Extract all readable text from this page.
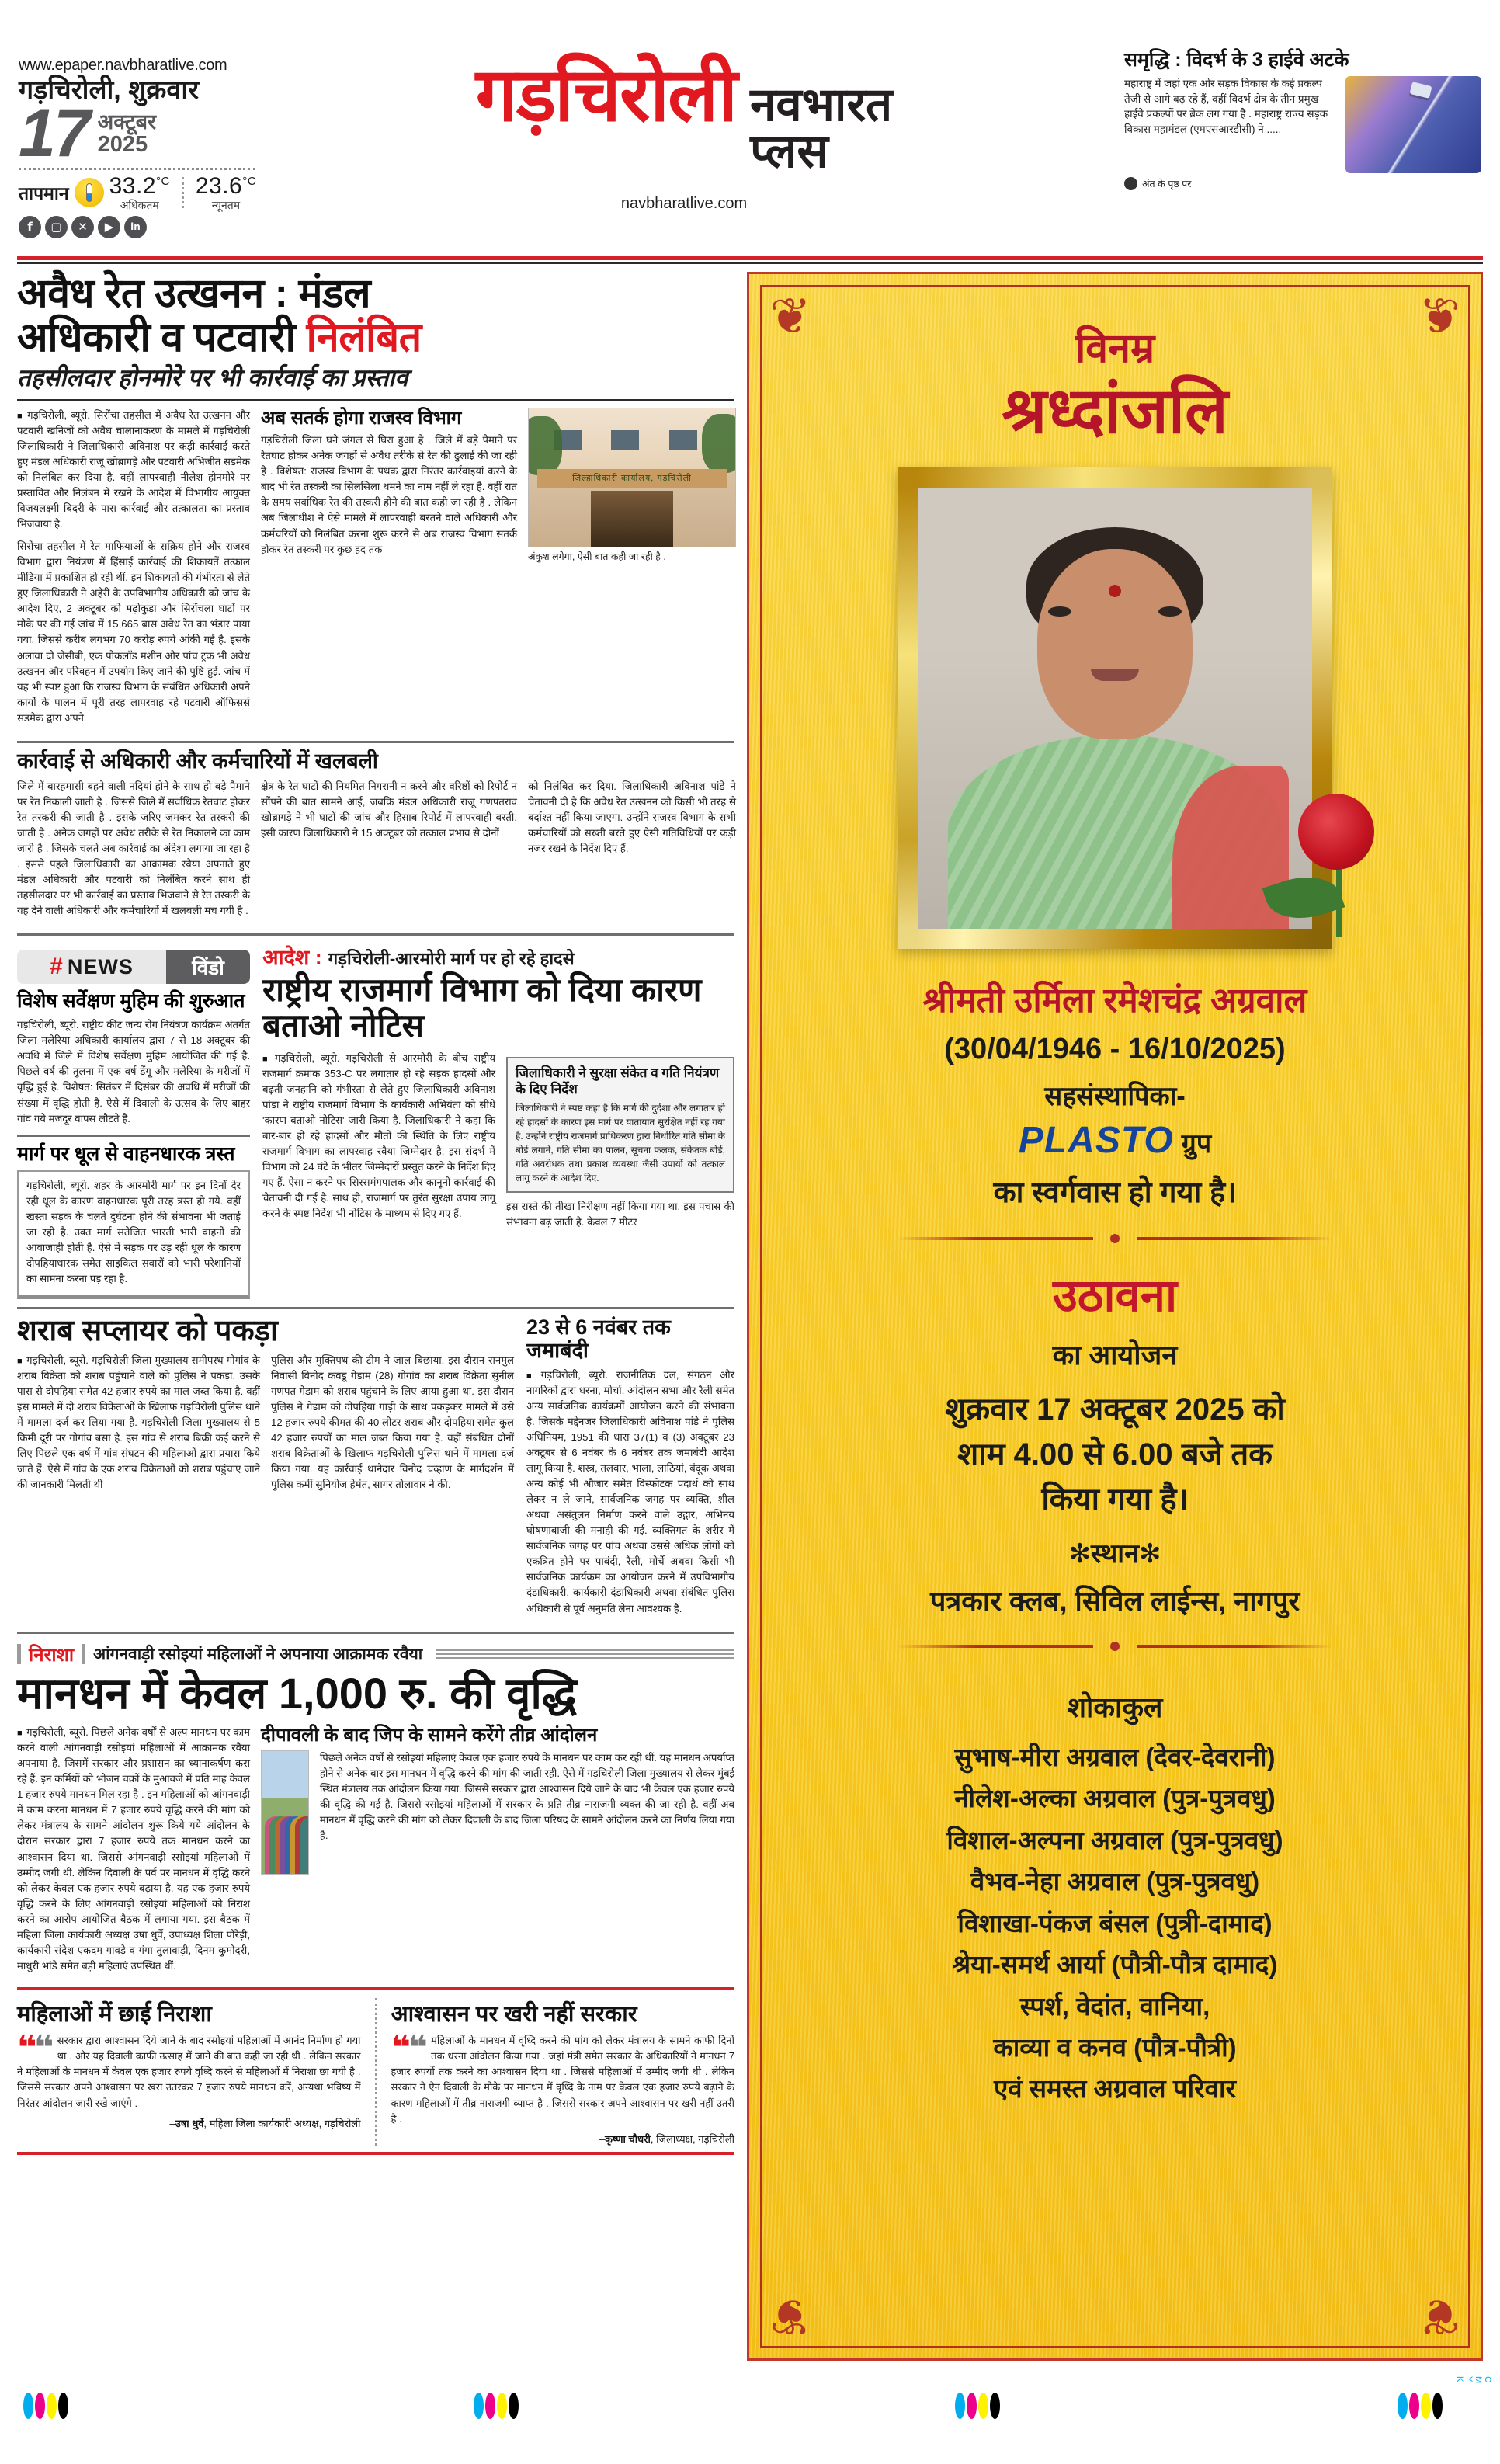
www.epaper.navbharatlive.com
गड़चिरोली, शुक्रवार
17 अक्टूबर
2025
तापमान $33.2^{^\circ C}$
अधिकतम
$23.6^{^\circ C}$
न्यूनतम
f	▢	✕	▶	in
गड़चिरोली नवभारत
प्लस
navbharatlive.com
समृद्धि : विदर्भ के 3 हाईवे अटके
महाराष्ट्र में जहां एक ओर सड़क विकास के कई प्रकल्प तेजी से आगे बढ़ रहे हैं, वहीं विदर्भ क्षेत्र के तीन प्रमुख हाईवे प्रकल्पों पर ब्रेक लग गया है . महाराष्ट्र राज्य सड़क विकास महामंडल (एमएसआरडीसी) ने .....
अंत के पृष्ठ पर
अवैध रेत उत्खनन : मंडल
अधिकारी व पटवारी निलंबित
तहसीलदार होनमोरे पर भी कार्रवाई का प्रस्ताव

■ गड़चिरोली, ब्यूरो. सिरोंचा तहसील में अवैध रेत उत्खनन और पटवारी खनिजों को अवैध चालानाकरण के मामले में गड़चिरोली जिलाधिकारी ने जिलाधिकारी अविनाश पर कड़ी कार्रवाई करते हुए मंडल अधिकारी राजू खोब्रागड़े और पटवारी अभिजीत सडमेक को निलंबित कर दिया है. वहीं लापरवाही नीलेश होनमोरे पर प्रस्तावित और निलंबन में रखने के आदेश में विभागीय आयुक्त विजयलक्ष्मी बिदरी के पास कार्रवाई और तत्कालता का प्रस्ताव भिजवाया है.

सिरोंचा तहसील में रेत माफियाओं के सक्रिय होने और राजस्व विभाग द्वारा नियंत्रण में हिंसाई कार्रवाई की शिकायतें तत्काल मीडिया में प्रकाशित हो रही थीं. इन शिकायतों की गंभीरता से लेते हुए जिलाधिकारी ने अहेरी के उपविभागीय अधिकारी को जांच के आदेश दिए, 2 अक्टूबर को मढ़ोकुड़ा और सिरोंचला घाटों पर मौके पर की गई जांच में 15,665 ब्रास अवैध रेत का भंडार पाया गया. जिससे करीब लगभग 70 करोड़ रुपये आंकी गई है. इसके अलावा दो जेसीबी, एक पोकलॉंड मशीन और पांच ट्रक भी अवैध उत्खनन और परिवहन में उपयोग किए जाने की पुष्टि हुई. जांच में यह भी स्पष्ट हुआ कि राजस्व विभाग के संबंधित अधिकारी अपने कार्यों के पालन में पूरी तरह लापरवाह रहे पटवारी ऑफिसर्स सडमेक द्वारा अपने

अब सतर्क होगा राजस्व विभाग

गड़चिरोली जिला घने जंगल से घिरा हुआ है . जिले में बड़े पैमाने पर रेतघाट होकर अनेक जगहों से अवैध तरीके से रेत की ढुलाई की जा रही है . विशेषत: राजस्व विभाग के पथक द्वारा निरंतर कार्रवाइयां करने के बाद भी रेत तस्करी का सिलसिला थमने का नाम नहीं ले रहा है. वहीं रात के समय सर्वाधिक रेत की तस्करी होने की बात कही जा रही है . लेकिन अब जिलाधीश ने ऐसे मामले में लापरवाही बरतने वाले अधिकारी और कर्मचरियों को निलंबित करना शुरू करने से अब राजस्व विभाग सतर्क होकर रेत तस्करी पर कुछ हद तक

जिल्हाधिकारी कार्यालय, गडचिरोली
अंकुश लगेगा, ऐसी बात कही जा रही है .
कार्रवाई से अधिकारी और कर्मचारियों में खलबली

जिले में बारहमासी बहने वाली नदियां होने के साथ ही बड़े पैमाने पर रेत निकाली जाती है . जिससे जिले में सर्वाधिक रेतघाट होकर रेत तस्करी की जाती है . इसके जरिए जमकर रेत तस्करी की जाती है . अनेक जगहों पर अवैध तरीके से रेत निकालने का काम जारी है . जिसके चलते अब कार्रवाई का अंदेशा लगाया जा रहा है . इससे पहले जिलाधिकारी का आक्रामक रवैया अपनाते हुए मंडल अधिकारी और पटवारी को निलंबित करने साथ ही तहसीलदार पर भी कार्रवाई का प्रस्ताव भिजवाने से रेत तस्करी के यह देने वाली अधिकारी और कर्मचारियों में खलबली मच गयी है .

क्षेत्र के रेत घाटों की नियमित निगरानी न करने और वरिष्ठों को रिपोर्ट न सौंपने की बात सामने आई, जबकि मंडल अधिकारी राजू गणपतराव खोब्रागड़े ने भी घाटों की जांच और हिसाब रिपोर्ट में लापरवाही बरती. इसी कारण जिलाधिकारी ने 15 अक्टूबर को तत्काल प्रभाव से दोनों

को निलंबित कर दिया. जिलाधिकारी अविनाश पांडे ने चेतावनी दी है कि अवैध रेत उत्खनन को किसी भी तरह से बर्दाश्त नहीं किया जाएगा. उन्होंने राजस्व विभाग के सभी कर्मचारियों को सख्ती बरते हुए ऐसी गतिविधियों पर कड़ी नजर रखने के निर्देश दिए हैं.

# NEWS	विंडो
विशेष सर्वेक्षण मुहिम की शुरुआत
गड़चिरोली, ब्यूरो. राष्ट्रीय कीट जन्य रोग नियंत्रण कार्यक्रम अंतर्गत जिला मलेरिया अधिकारी कार्यालय द्वारा 7 से 18 अक्टूबर की अवधि में जिले में विशेष सर्वेक्षण मुहिम आयोजित की गई है. पिछले वर्ष की तुलना में एक वर्ष डेंगू और मलेरिया के मरीजों में वृद्धि हुई है. विशेषत: सितंबर में दिसंबर की अवधि में मरीजों की संख्या में वृद्धि होती है. ऐसे में दिवाली के उत्सव के लिए बाहर गांव गये मजदूर वापस लौटते हैं.
मार्ग पर धूल से वाहनधारक त्रस्त
गड़चिरोली, ब्यूरो. शहर के आरमोरी मार्ग पर इन दिनों देर रही धूल के कारण वाहनधारक पूरी तरह त्रस्त हो गये. वहीं खस्ता सड़क के चलते दुर्घटना होने की संभावना भी जताई जा रही है. उक्त मार्ग सतेजित भारती भारी वाहनों की आवाजाही होती है. ऐसे में सड़क पर उड़ रही धूल के कारण दोपहियाधारक समेत साइकिल सवारों को भारी परेशानियों का सामना करना पड़ रहा है.
आदेश : गड़चिरोली-आरमोरी मार्ग पर हो रहे हादसे
राष्ट्रीय राजमार्ग विभाग को दिया कारण बताओ नोटिस

■ गड़चिरोली, ब्यूरो. गड़चिरोली से आरमोरी के बीच राष्ट्रीय राजमार्ग क्रमांक 353-C पर लगातार हो रहे सड़क हादसों और बढ़ती जनहानि को गंभीरता से लेते हुए जिलाधिकारी अविनाश पांडा ने राष्ट्रीय राजमार्ग विभाग के कार्यकारी अभियंता को सीधे 'कारण बताओ नोटिस' जारी किया है. जिलाधिकारी ने कहा कि बार-बार हो रहे हादसों और मौतों की स्थिति के लिए राष्ट्रीय राजमार्ग विभाग का लापरवाह रवैया जिम्मेदार है. इस संदर्भ में विभाग को 24 घंटे के भीतर जिम्मेदारों प्रस्तुत करने के निर्देश दिए गए हैं. ऐसा न करने पर सिस्समंगपालक और कानूनी कार्रवाई की चेतावनी दी गई है. साथ ही, राजमार्ग पर तुरंत सुरक्षा उपाय लागू करने के स्पष्ट निर्देश भी नोटिस के माध्यम से दिए गए हैं.

जिलाधिकारी ने सुरक्षा संकेत व गति नियंत्रण के दिए निर्देश
जिलाधिकारी ने स्पष्ट कहा है कि मार्ग की दुर्दशा और लगातार हो रहे हादसों के कारण इस मार्ग पर यातायात सुरक्षित नहीं रह गया है. उन्होंने राष्ट्रीय राजमार्ग प्राधिकरण द्वारा निर्धारित गति सीमा के बोर्ड लगाने, गति सीमा का पालन, सूचना फलक, संकेतक बोर्ड, गति अवरोधक तथा प्रकाश व्यवस्था जैसी उपायों को तत्काल लागू करने के आदेश दिए.
इस रास्ते की तीखा निरीक्षण नहीं किया गया था. इस पचास की संभावना बढ़ जाती है. केवल 7 मीटर
शराब सप्लायर को पकड़ा

■ गड़चिरोली, ब्यूरो. गड़चिरोली जिला मुख्यालय समीपस्थ गोगांव के शराब विक्रेता को शराब पहुंचाने वाले को पुलिस ने पकड़ा. उसके पास से दोपहिया समेत 42 हजार रुपये का माल जब्त किया है. वहीं इस मामले में दो शराब विक्रेताओं के खिलाफ गड़चिरोली पुलिस थाने में मामला दर्ज कर लिया गया है. गड़चिरोली जिला मुख्यालय से 5 किमी दूरी पर गोगांव बसा है. इस गांव से शराब बिक्री कई करने से लिए पिछले एक वर्ष में गांव संघटन की महिलाओं द्वारा प्रयास किये जाते हैं. ऐसे में गांव के एक शराब विक्रेताओं को शराब पहुंचाए जाने की जानकारी मिलती थी

पुलिस और मुक्तिपथ की टीम ने जाल बिछाया. इस दौरान रानमुल निवासी विनोद कवडू गेडाम (28) गोगांव का शराब विक्रेता सुनील गणपत गेडाम को शराब पहुंचाने के लिए आया हुआ था. इस दौरान पुलिस ने गेडाम को दोपहिया गाड़ी के साथ पकड़कर मामले में उसे 12 हजार रुपये कीमत की 40 लीटर शराब और दोपहिया समेत कुल 42 हजार रुपयों का माल जब्त किया गया है. वहीं संबंधित दोनों शराब विक्रेताओं के खिलाफ गड़चिरोली पुलिस थाने में मामला दर्ज किया गया. यह कार्रवाई थानेदार विनोद चव्हाण के मार्गदर्शन में पुलिस कर्मी सुनियोज हेमंत, सागर तोलावार ने की.

23 से 6 नवंबर तक जमाबंदी

■ गड़चिरोली, ब्यूरो. राजनीतिक दल, संगठन और नागरिकों द्वारा धरना, मोर्चा, आंदोलन सभा और रैली समेत अन्य सार्वजनिक कार्यक्रमों आयोजन करने की संभावना है. जिसके मद्देनजर जिलाधिकारी अविनाश पांडे ने पुलिस अधिनियम, 1951 की धारा 37(1) व (3) अक्टूबर 23 अक्टूबर से 6 नवंबर के 6 नवंबर तक जमाबंदी आदेश लागू किया है. शस्त्र, तलवार, भाला, लाठियां, बंदूक अथवा अन्य कोई भी औजार समेत विस्फोटक पदार्थ को साथ लेकर न ले जाने, सार्वजनिक जगह पर व्यक्ति, शील अथवा असंतुलन निर्माण करने वाले उद्गार, अभिनय घोषणाबाजी की मनाही की गई. व्यक्तिगत के शरीर में सार्वजनिक जगह पर पांच अथवा उससे अधिक लोगों को एकत्रित होने पर पाबंदी, रैली, मोर्चे अथवा किसी भी सार्वजनिक कार्यक्रम का आयोजन करने में उपविभागीय दंडाधिकारी, कार्यकारी दंडाधिकारी अथवा संबंधित पुलिस अधिकारी से पूर्व अनुमति लेना आवश्यक है.

निराशा आंगनवाड़ी रसोइयां महिलाओं ने अपनाया आक्रामक रवैया
मानधन में केवल 1,000 रु. की वृद्धि

■ गड़चिरोली, ब्यूरो. पिछले अनेक वर्षों से अल्प मानधन पर काम करने वाली आंगनवाड़ी रसोइयां महिलाओं में आक्रामक रवैया अपनाया है. जिसमें सरकार और प्रशासन का ध्यानाकर्षण करा रहे हैं. इन कर्मियों को भोजन चक्रों के मुआवजे में प्रति माह केवल 1 हजार रुपये मानधन मिल रहा है . इन महिलाओं को आंगनवाड़ी में काम करना मानधन में 7 हजार रुपये वृद्धि करने की मांग को लेकर मंत्रालय के सामने आंदोलन शुरू किये गये आंदोलन के दौरान सरकार द्वारा 7 हजार रुपये तक मानधन करने का आश्वासन दिया था. जिससे आंगनवाड़ी रसोइयां महिलाओं में उम्मीद जगी थी. लेकिन दिवाली के पर्व पर मानधन में वृद्धि करने को लेकर केवल एक हजार रुपये बढ़ाया है. यह एक हजार रुपये वृद्धि करने के लिए आंगनवाड़ी रसोइयां महिलाओं को निराश करने का आरोप आयोजित बैठक में लगाया गया. इस बैठक में महिला जिला कार्यकारी अध्यक्ष उषा धुर्वे, उपाध्यक्ष शिला पोरेड़ी, कार्यकारी संदेश एकदम गावड़े व गंगा तुलावाड़ी, दिनम कुमोदरी, माधुरी भांडे समेत बड़ी महिलाएं उपस्थित थीं.

दीपावली के बाद जिप के सामने करेंगे तीव्र आंदोलन

पिछले अनेक वर्षों से रसोइयां महिलाएं केवल एक हजार रुपये के मानधन पर काम कर रही थीं. यह मानधन अपर्याप्त होने से अनेक बार इस मानधन में वृद्धि करने की मांग की जाती रही. ऐसे में गड़चिरोली जिला मुख्यालय से लेकर मुंबई स्थित मंत्रालय तक आंदोलन किया गया. जिससे सरकार द्वारा आश्वासन दिये जाने के बाद भी केवल एक हजार रुपये की वृद्धि की गई है. जिससे रसोइयां महिलाओं में सरकार के प्रति तीव्र नाराजगी व्यक्त की जा रही है. वहीं अब मानधन में वृद्धि करने की मांग को लेकर दिवाली के बाद जिला परिषद के सामने आंदोलन करने का निर्णय लिया गया है.

महिलाओं में छाई निराशा
❝❝ सरकार द्वारा आश्वासन दिये जाने के बाद रसोइयां महिलाओं में आनंद निर्माण हो गया था . और यह दिवाली काफी उत्साह में जाने की बात कही जा रही थी . लेकिन सरकार ने महिलाओं के मानधन में केवल एक हजार रुपये वृध्दि करने से महिलाओं में निराशा छा गयी है . जिससे सरकार अपने आश्वासन पर खरा उतरकर 7 हजार रुपये मानधन करें, अन्यथा भविष्य में निरंतर आंदोलन जारी रखे जाएंगे .
–उषा धुर्वे, महिला जिला कार्यकारी अध्यक्ष, गड़चिरोली
आश्वासन पर खरी नहीं सरकार
❝❝ महिलाओं के मानधन में वृध्दि करने की मांग को लेकर मंत्रालय के सामने काफी दिनों तक धरना आंदोलन किया गया . जहां मंत्री समेत सरकार के अधिकारियों ने मानधन 7 हजार रुपयों तक करने का आश्वासन दिया था . जिससे महिलाओं में उम्मीद जगी थी . लेकिन सरकार ने ऐन दिवाली के मौके पर मानधन में वृध्दि के नाम पर केवल एक हजार रुपये बढ़ाने के कारण महिलाओं में तीव्र नाराजगी व्याप्त है . जिससे सरकार अपने आश्वासन पर खरी नहीं उतरी है .
–कृष्णा चौधरी, जिलाध्यक्ष, गड़चिरोली
❦	❦
❦	❦
विनम्र
श्रध्दांजलि
श्रीमती उर्मिला रमेशचंद्र अग्रवाल
(30/04/1946 - 16/10/2025)
सहसंस्थापिका-
PLASTO ग्रुप
का स्वर्गवास हो गया है।
उठावना
का आयोजन
शुक्रवार 17 अक्टूबर 2025 को
शाम 4.00 से 6.00 बजे तक
किया गया है।
✻स्थान✻
पत्रकार क्लब, सिविल लाईन्स, नागपुर
शोकाकुल
सुभाष-मीरा अग्रवाल (देवर-देवरानी)
नीलेश-अल्का अग्रवाल (पुत्र-पुत्रवधु)
विशाल-अल्पना अग्रवाल (पुत्र-पुत्रवधु)
वैभव-नेहा अग्रवाल (पुत्र-पुत्रवधु)
विशाखा-पंकज बंसल (पुत्री-दामाद)
श्रेया-समर्थ आर्या (पौत्री-पौत्र दामाद)
स्पर्श, वेदांत, वानिया,
काव्या व कनव (पौत्र-पौत्री)
एवं समस्त अग्रवाल परिवार
C M Y K
